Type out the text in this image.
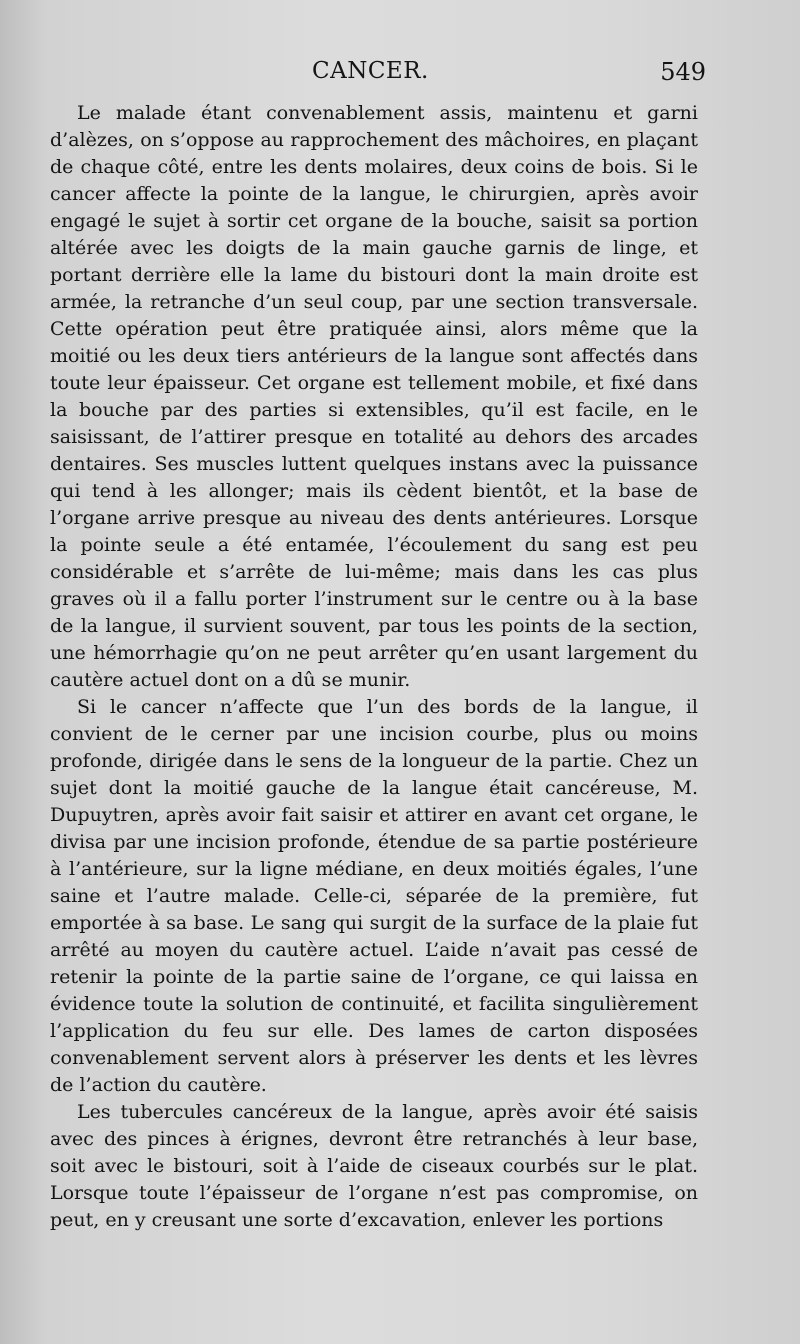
CANCER.	549

Le malade étant convenablement assis, maintenu et garni d’alèzes, on s’oppose au rapprochement des mâchoires, en plaçant de chaque côté, entre les dents molaires, deux coins de bois. Si le cancer affecte la pointe de la langue, le chirurgien, après avoir engagé le sujet à sortir cet organe de la bouche, saisit sa portion altérée avec les doigts de la main gauche garnis de linge, et portant derrière elle la lame du bistouri dont la main droite est armée, la retranche d’un seul coup, par une section transversale. Cette opération peut être pratiquée ainsi, alors même que la moitié ou les deux tiers antérieurs de la langue sont affectés dans toute leur épaisseur. Cet organe est tellement mobile, et fixé dans la bouche par des parties si extensibles, qu’il est facile, en le saisissant, de l’attirer presque en totalité au dehors des arcades dentaires. Ses muscles luttent quelques instans avec la puissance qui tend à les allonger; mais ils cèdent bientôt, et la base de l’organe arrive presque au niveau des dents antérieures. Lorsque la pointe seule a été entamée, l’écoulement du sang est peu considérable et s’arrête de lui-même; mais dans les cas plus graves où il a fallu porter l’instrument sur le centre ou à la base de la langue, il survient souvent, par tous les points de la section, une hémorrhagie qu’on ne peut arrêter qu’en usant largement du cautère actuel dont on a dû se munir.

Si le cancer n’affecte que l’un des bords de la langue, il convient de le cerner par une incision courbe, plus ou moins profonde, dirigée dans le sens de la longueur de la partie. Chez un sujet dont la moitié gauche de la langue était cancéreuse, M. Dupuytren, après avoir fait saisir et attirer en avant cet organe, le divisa par une incision profonde, étendue de sa partie postérieure à l’antérieure, sur la ligne médiane, en deux moitiés égales, l’une saine et l’autre malade. Celle-ci, séparée de la première, fut emportée à sa base. Le sang qui surgit de la surface de la plaie fut arrêté au moyen du cautère actuel. L’aide n’avait pas cessé de retenir la pointe de la partie saine de l’organe, ce qui laissa en évidence toute la solution de continuité, et facilita singulièrement l’application du feu sur elle. Des lames de carton disposées convenablement servent alors à préserver les dents et les lèvres de l’action du cautère.

Les tubercules cancéreux de la langue, après avoir été saisis avec des pinces à érignes, devront être retranchés à leur base, soit avec le bistouri, soit à l’aide de ciseaux courbés sur le plat. Lorsque toute l’épaisseur de l’organe n’est pas compromise, on peut, en y creusant une sorte d’excavation, enlever les portions
